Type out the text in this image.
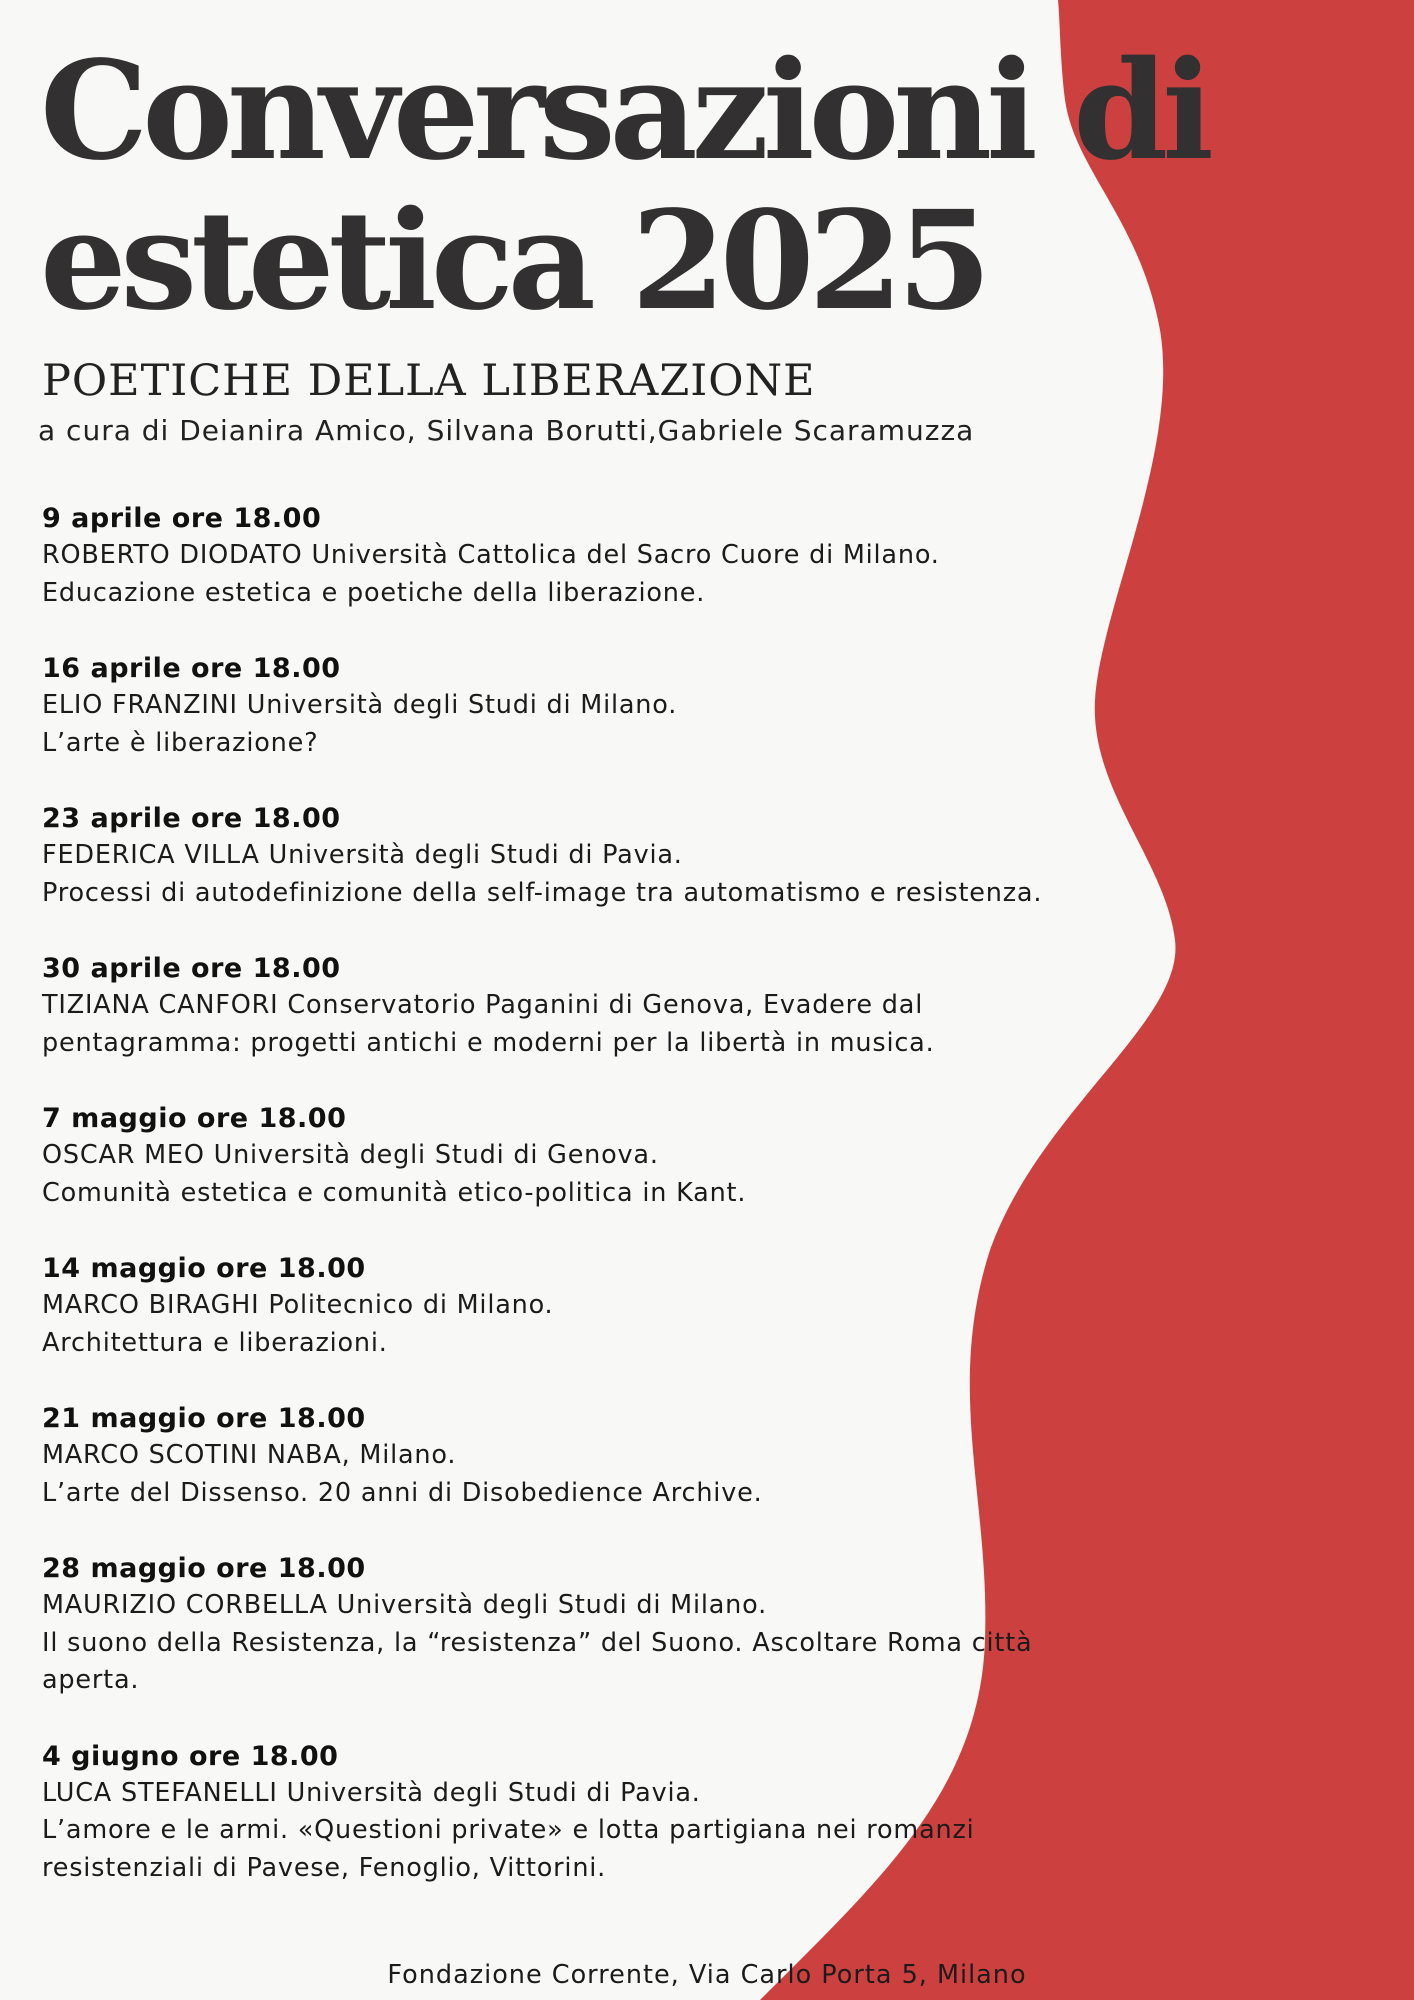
Conversazioni di
estetica 2025
POETICHE DELLA LIBERAZIONE
a cura di Deianira Amico, Silvana Borutti,Gabriele Scaramuzza
9 aprile ore 18.00
ROBERTO DIODATO Università Cattolica del Sacro Cuore di Milano.
Educazione estetica e poetiche della liberazione.
16 aprile ore 18.00
ELIO FRANZINI Università degli Studi di Milano.
L’arte è liberazione?
23 aprile ore 18.00
FEDERICA VILLA Università degli Studi di Pavia.
Processi di autodefinizione della self-image tra automatismo e resistenza.
30 aprile ore 18.00
TIZIANA CANFORI Conservatorio Paganini di Genova, Evadere dal
pentagramma: progetti antichi e moderni per la libertà in musica.
7 maggio ore 18.00
OSCAR MEO Università degli Studi di Genova.
Comunità estetica e comunità etico-politica in Kant.
14 maggio ore 18.00
MARCO BIRAGHI Politecnico di Milano.
Architettura e liberazioni.
21 maggio ore 18.00
MARCO SCOTINI NABA, Milano.
L’arte del Dissenso. 20 anni di Disobedience Archive.
28 maggio ore 18.00
MAURIZIO CORBELLA Università degli Studi di Milano.
Il suono della Resistenza, la “resistenza” del Suono. Ascoltare Roma città aperta.
4 giugno ore 18.00
LUCA STEFANELLI Università degli Studi di Pavia.
L’amore e le armi. «Questioni private» e lotta partigiana nei romanzi resistenziali di Pavese, Fenoglio, Vittorini.
Fondazione Corrente, Via Carlo Porta 5, Milano
